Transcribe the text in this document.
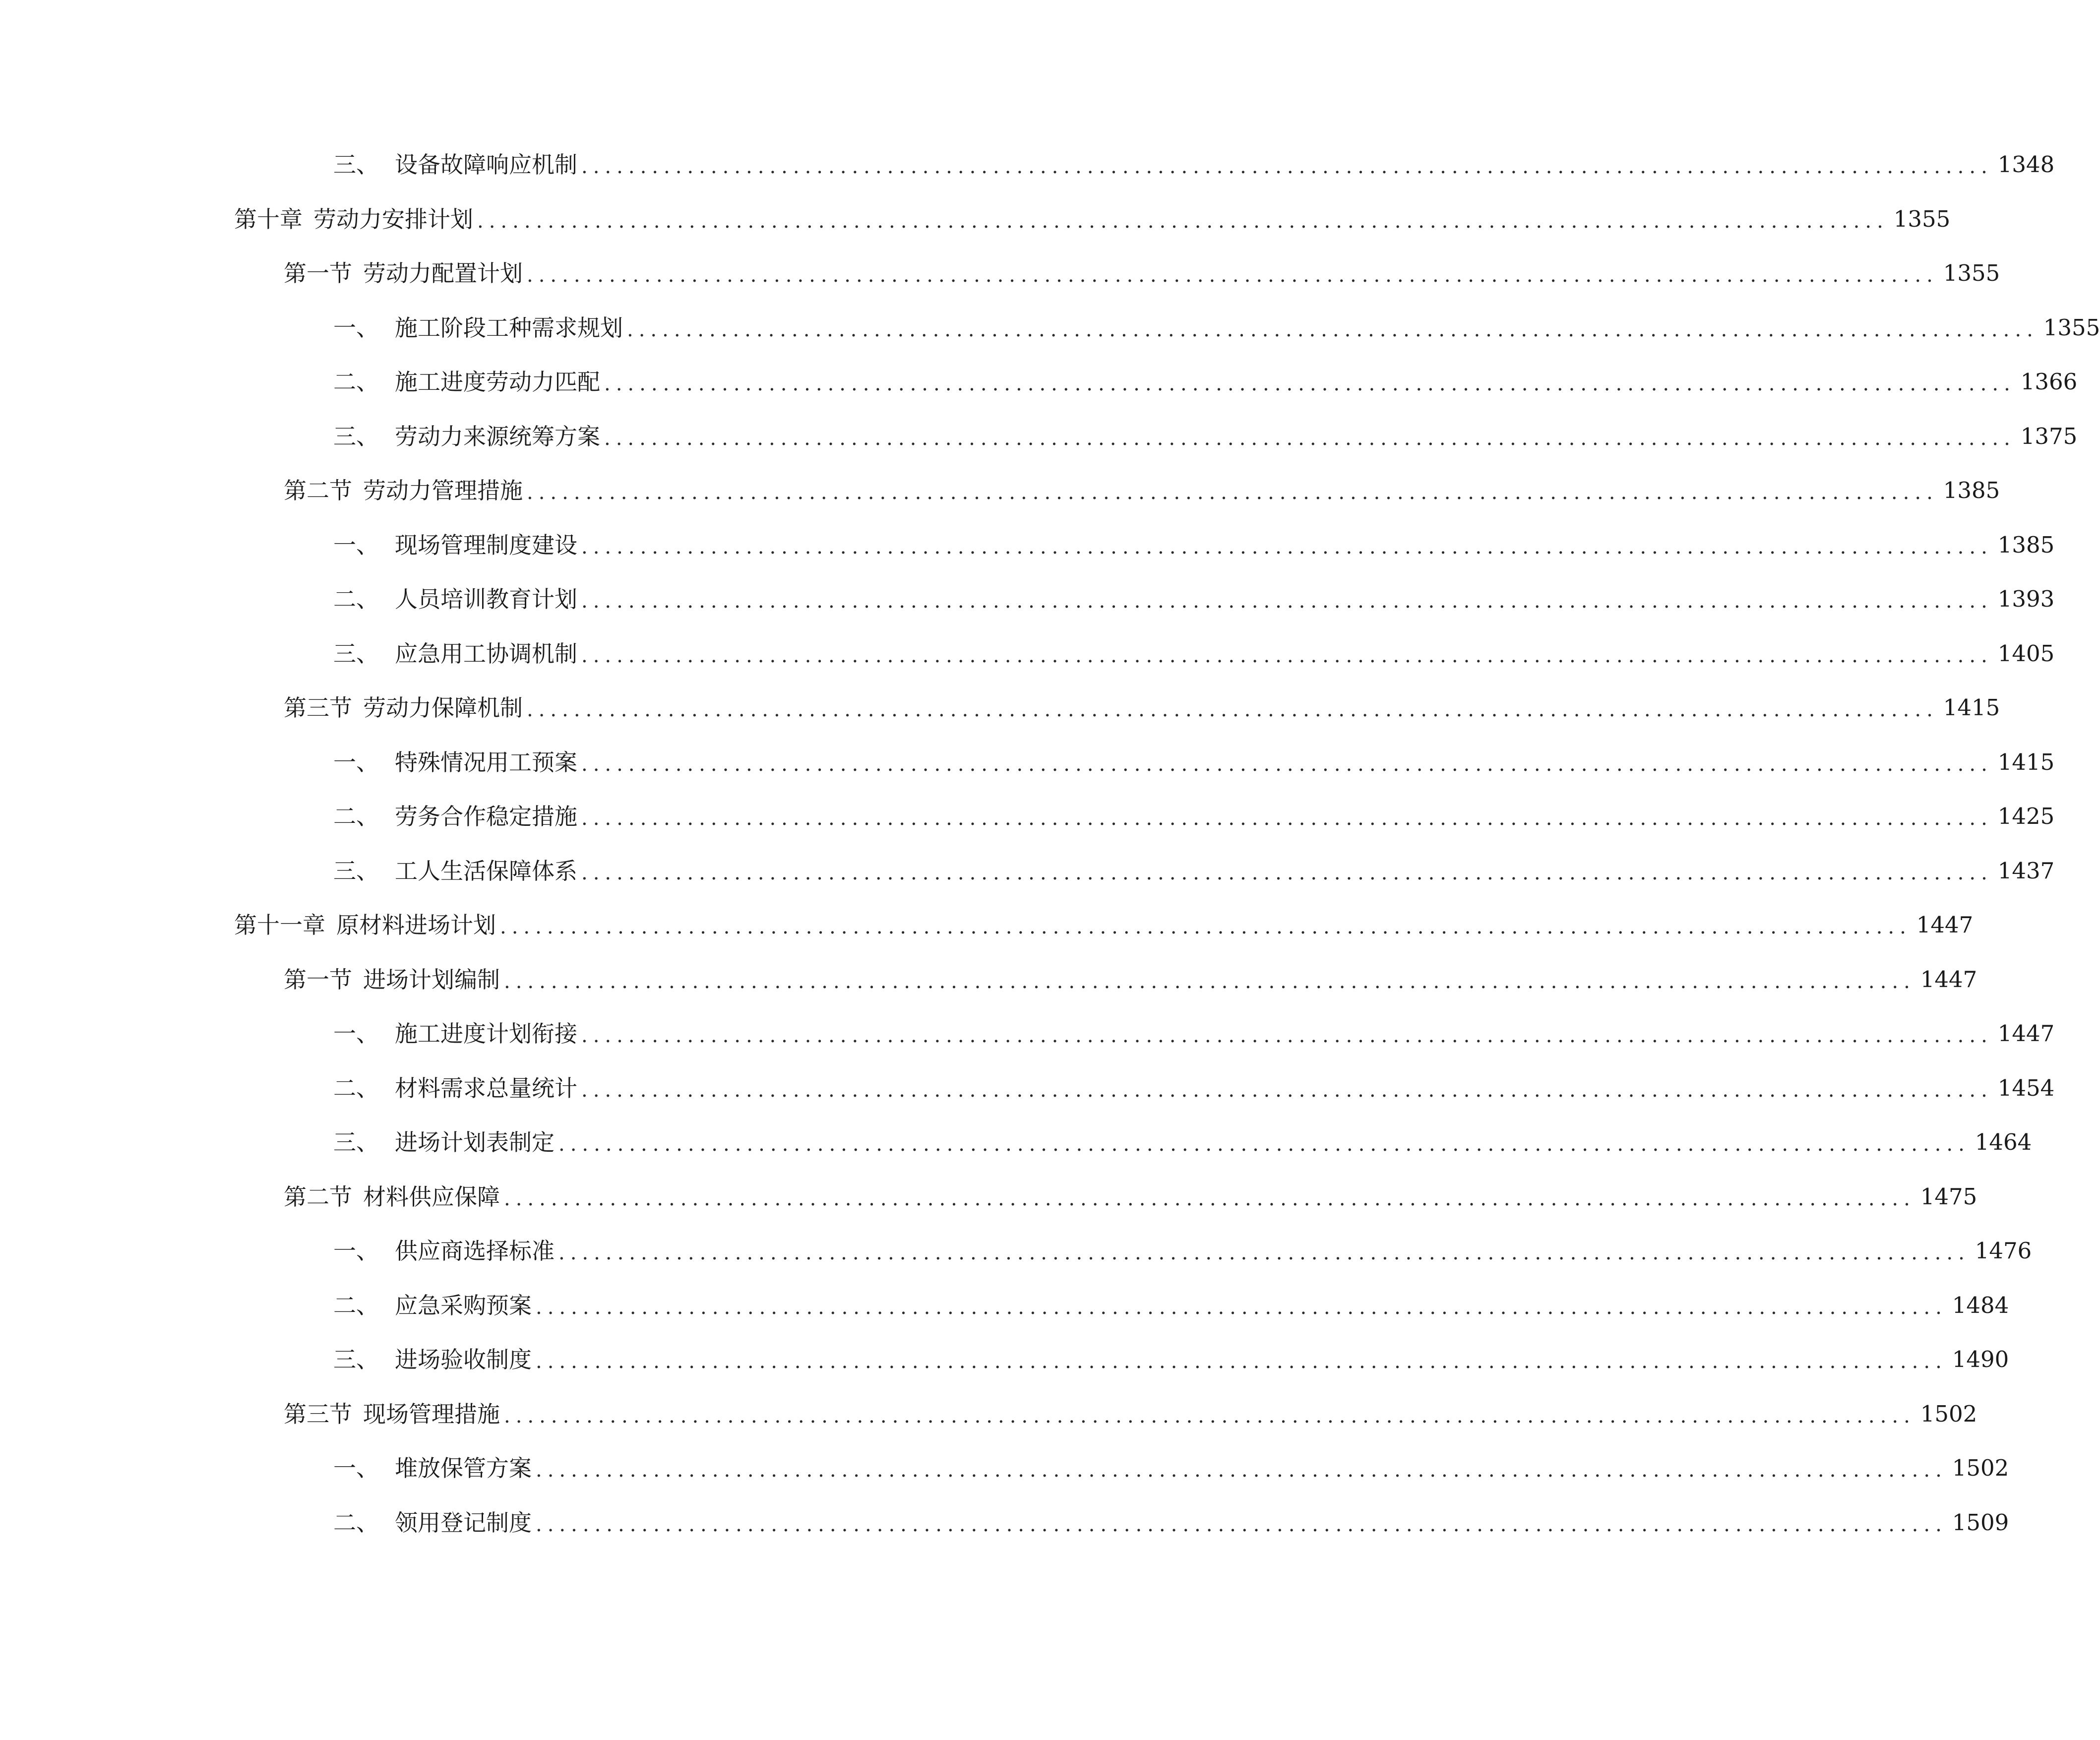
三、 设备故障响应机制 ........................................................................................................................ 1348
第十章 劳动力安排计划 ........................................................................................................................ 1355
第一节 劳动力配置计划 ........................................................................................................................ 1355
一、 施工阶段工种需求规划 ........................................................................................................................ 1355
二、 施工进度劳动力匹配 ........................................................................................................................ 1366
三、 劳动力来源统筹方案 ........................................................................................................................ 1375
第二节 劳动力管理措施 ........................................................................................................................ 1385
一、 现场管理制度建设 ........................................................................................................................ 1385
二、 人员培训教育计划 ........................................................................................................................ 1393
三、 应急用工协调机制 ........................................................................................................................ 1405
第三节 劳动力保障机制 ........................................................................................................................ 1415
一、 特殊情况用工预案 ........................................................................................................................ 1415
二、 劳务合作稳定措施 ........................................................................................................................ 1425
三、 工人生活保障体系 ........................................................................................................................ 1437
第十一章 原材料进场计划 ........................................................................................................................ 1447
第一节 进场计划编制 ........................................................................................................................ 1447
一、 施工进度计划衔接 ........................................................................................................................ 1447
二、 材料需求总量统计 ........................................................................................................................ 1454
三、 进场计划表制定 ........................................................................................................................ 1464
第二节 材料供应保障 ........................................................................................................................ 1475
一、 供应商选择标准 ........................................................................................................................ 1476
二、 应急采购预案 ........................................................................................................................ 1484
三、 进场验收制度 ........................................................................................................................ 1490
第三节 现场管理措施 ........................................................................................................................ 1502
一、 堆放保管方案 ........................................................................................................................ 1502
二、 领用登记制度 ........................................................................................................................ 1509
